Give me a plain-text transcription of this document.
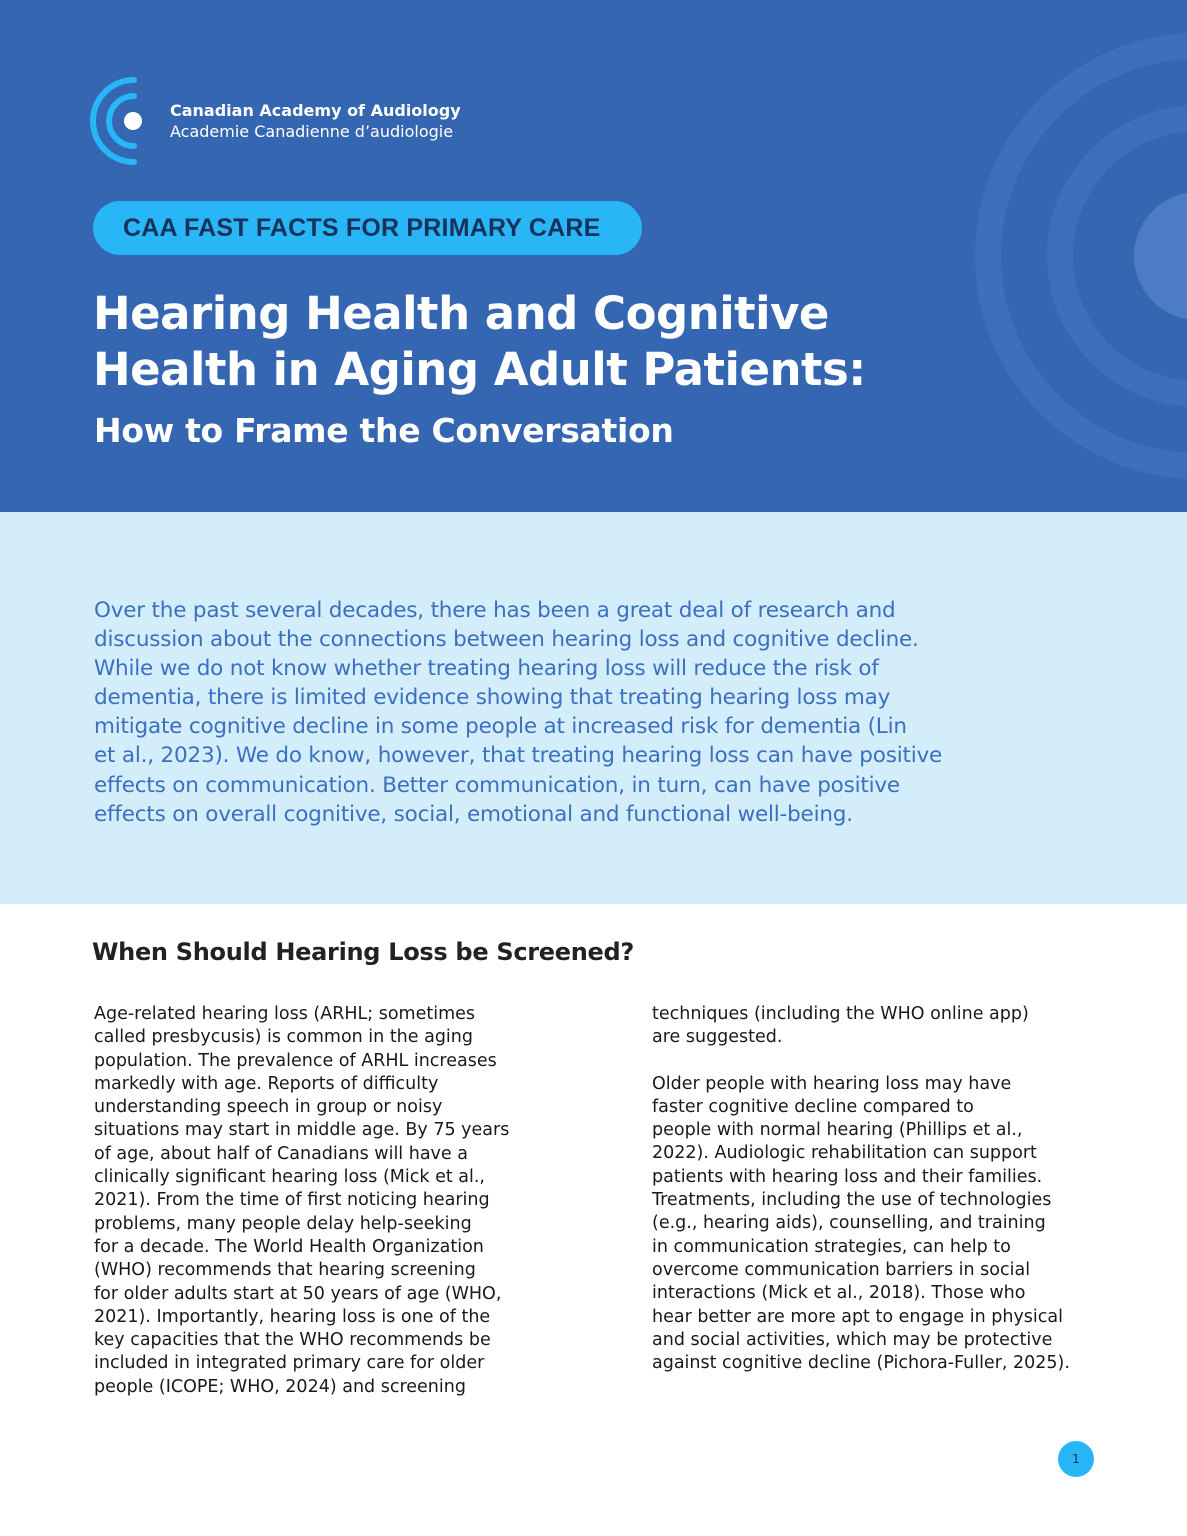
Canadian Academy of Audiology
Academie Canadienne d’audiologie
CAA FAST FACTS FOR PRIMARY CARE
Hearing Health and Cognitive
Health in Aging Adult Patients:
How to Frame the Conversation

Over the past several decades, there has been a great deal of research and
discussion about the connections between hearing loss and cognitive decline.
While we do not know whether treating hearing loss will reduce the risk of
dementia, there is limited evidence showing that treating hearing loss may
mitigate cognitive decline in some people at increased risk for dementia (Lin
et al., 2023). We do know, however, that treating hearing loss can have positive
effects on communication. Better communication, in turn, can have positive
effects on overall cognitive, social, emotional and functional well-being.

When Should Hearing Loss be Screened?

Age-related hearing loss (ARHL; sometimes
called presbycusis) is common in the aging
population. The prevalence of ARHL increases
markedly with age. Reports of difficulty
understanding speech in group or noisy
situations may start in middle age. By 75 years
of age, about half of Canadians will have a
clinically significant hearing loss (Mick et al.,
2021). From the time of first noticing hearing
problems, many people delay help-seeking
for a decade. The World Health Organization
(WHO) recommends that hearing screening
for older adults start at 50 years of age (WHO,
2021). Importantly, hearing loss is one of the
key capacities that the WHO recommends be
included in integrated primary care for older
people (ICOPE; WHO, 2024) and screening

techniques (including the WHO online app)
are suggested.

Older people with hearing loss may have
faster cognitive decline compared to
people with normal hearing (Phillips et al.,
2022). Audiologic rehabilitation can support
patients with hearing loss and their families.
Treatments, including the use of technologies
(e.g., hearing aids), counselling, and training
in communication strategies, can help to
overcome communication barriers in social
interactions (Mick et al., 2018). Those who
hear better are more apt to engage in physical
and social activities, which may be protective
against cognitive decline (Pichora-Fuller, 2025).

1
